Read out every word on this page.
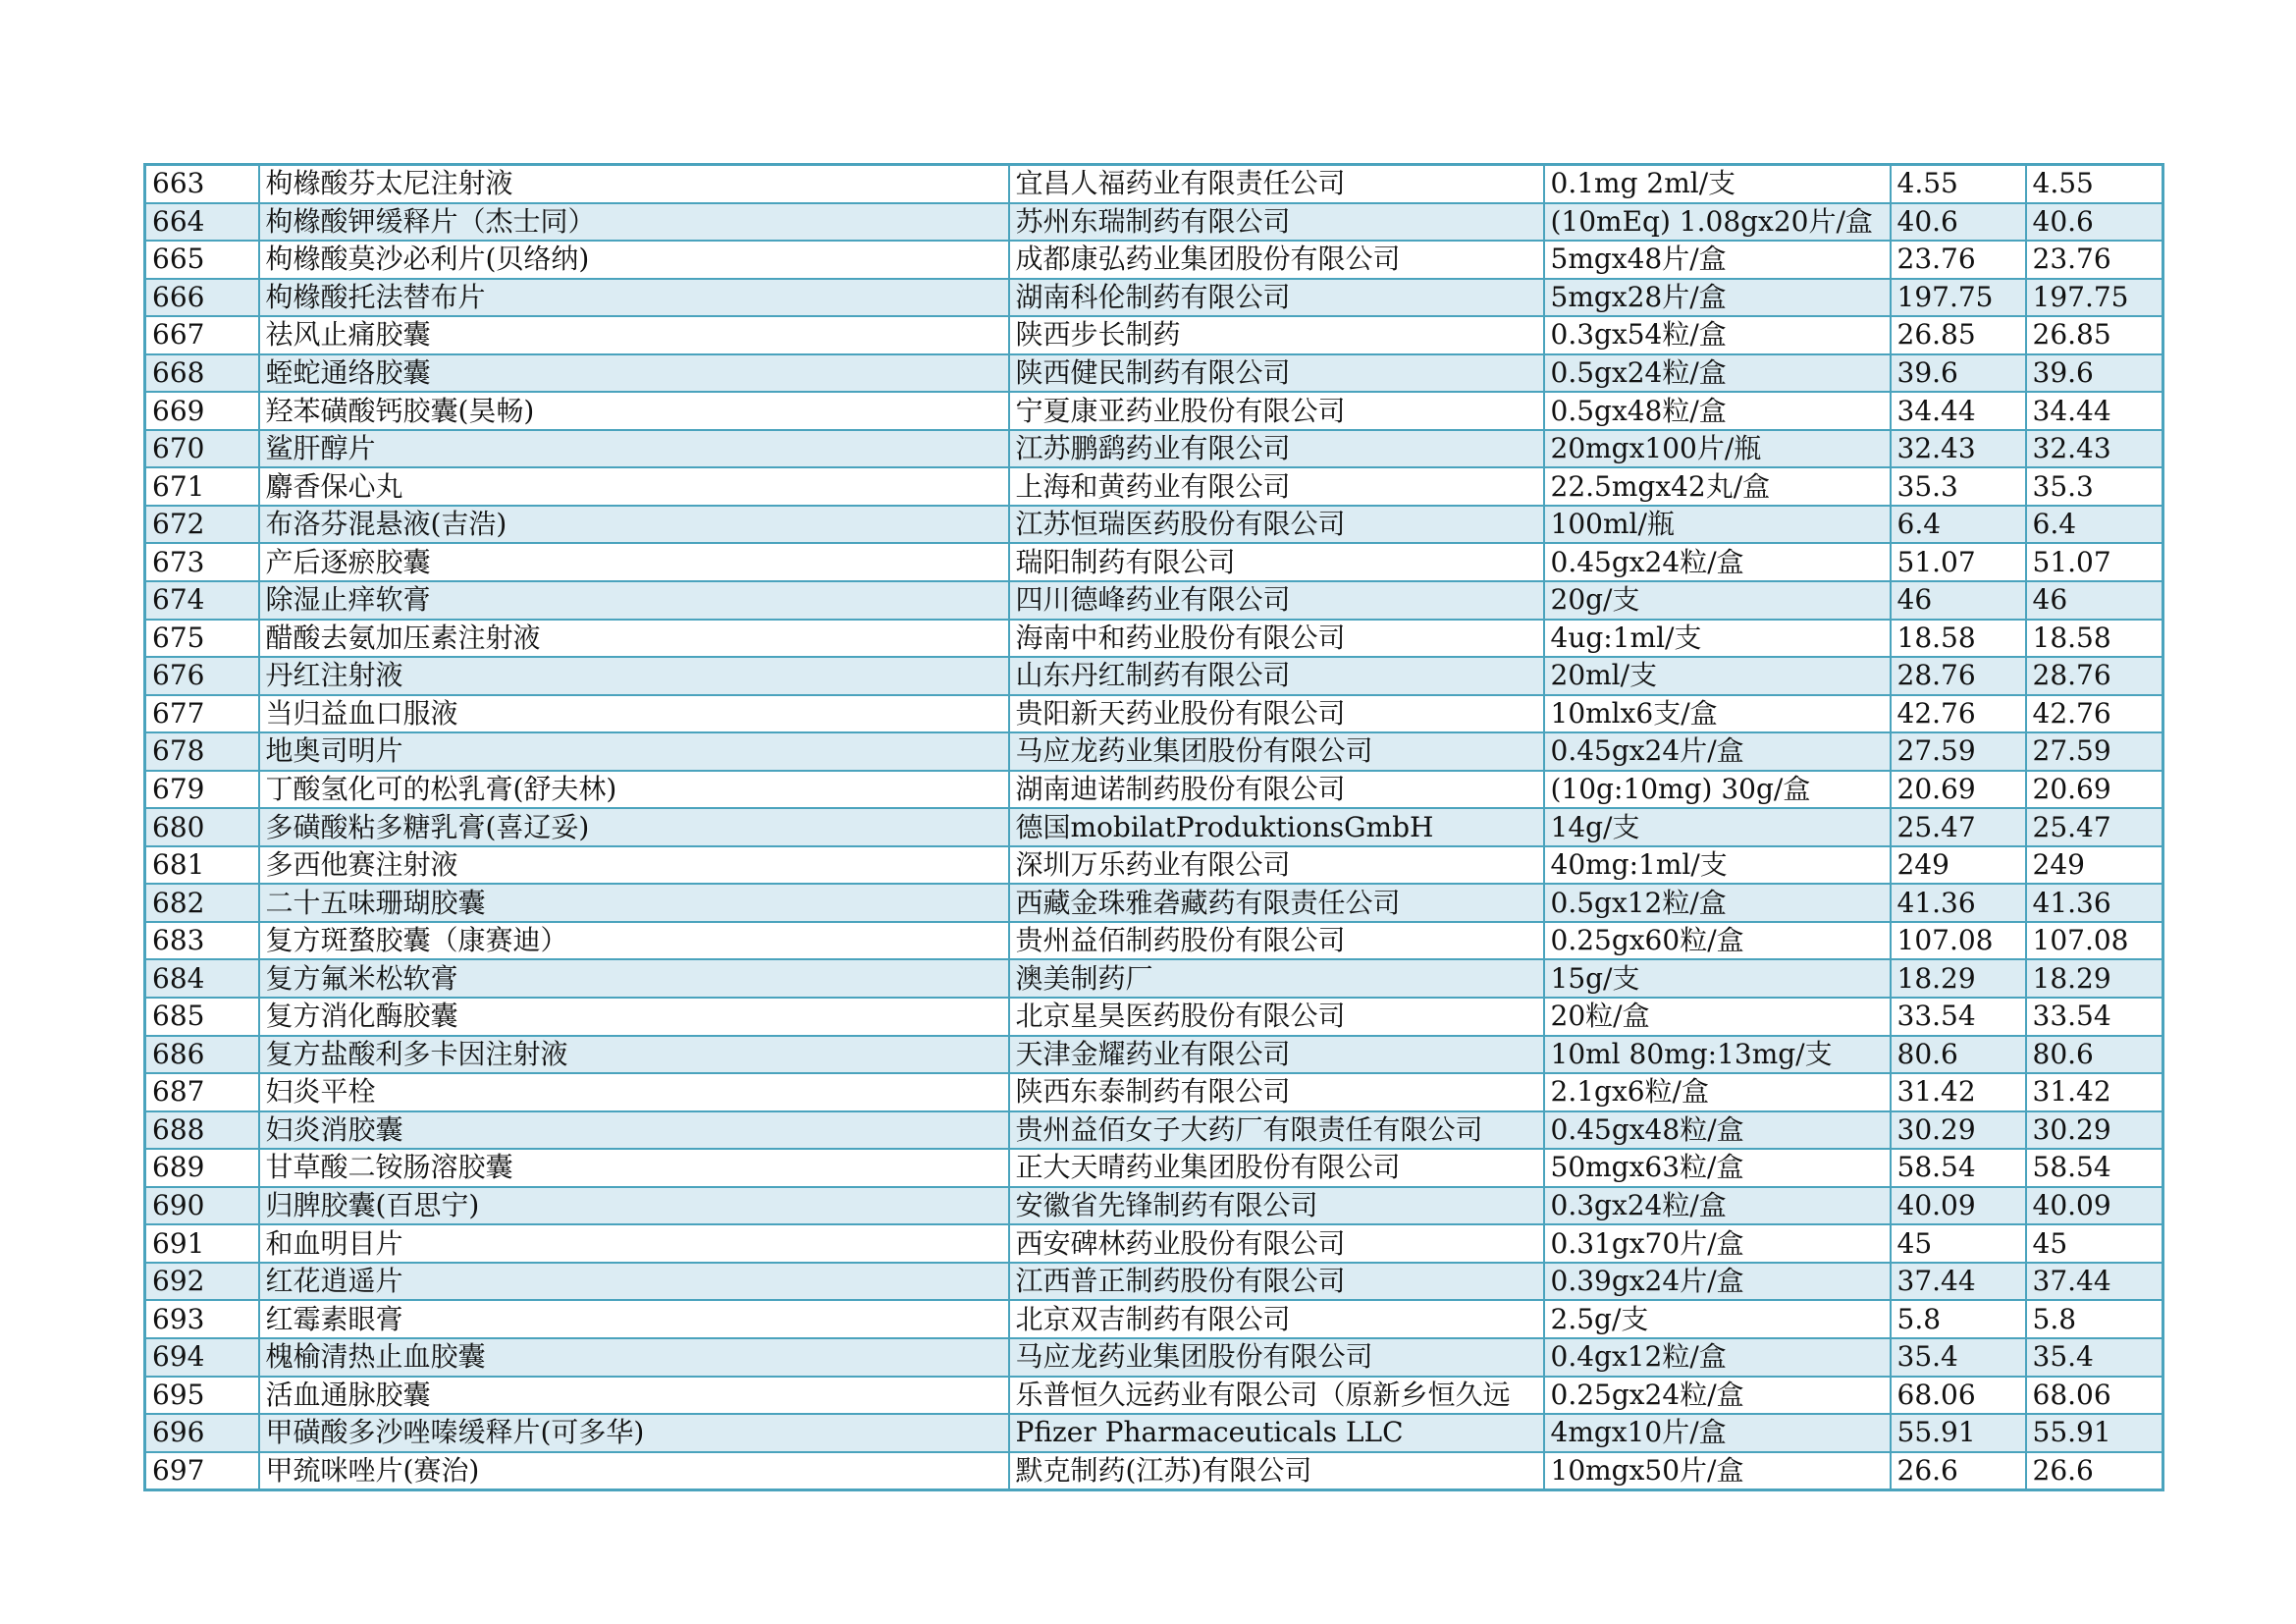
663	枸橼酸芬太尼注射液	宜昌人福药业有限责任公司	0.1mg 2ml/支	4.55	4.55
664	枸橼酸钾缓释片（杰士同）	苏州东瑞制药有限公司	(10mEq) 1.08gx20片/盒	40.6	40.6
665	枸橼酸莫沙必利片(贝络纳)	成都康弘药业集团股份有限公司	5mgx48片/盒	23.76	23.76
666	枸橼酸托法替布片	湖南科伦制药有限公司	5mgx28片/盒	197.75	197.75
667	祛风止痛胶囊	陕西步长制药	0.3gx54粒/盒	26.85	26.85
668	蛭蛇通络胶囊	陕西健民制药有限公司	0.5gx24粒/盒	39.6	39.6
669	羟苯磺酸钙胶囊(昊畅)	宁夏康亚药业股份有限公司	0.5gx48粒/盒	34.44	34.44
670	鲨肝醇片	江苏鹏鹞药业有限公司	20mgx100片/瓶	32.43	32.43
671	麝香保心丸	上海和黄药业有限公司	22.5mgx42丸/盒	35.3	35.3
672	布洛芬混悬液(吉浩)	江苏恒瑞医药股份有限公司	100ml/瓶	6.4	6.4
673	产后逐瘀胶囊	瑞阳制药有限公司	0.45gx24粒/盒	51.07	51.07
674	除湿止痒软膏	四川德峰药业有限公司	20g/支	46	46
675	醋酸去氨加压素注射液	海南中和药业股份有限公司	4ug:1ml/支	18.58	18.58
676	丹红注射液	山东丹红制药有限公司	20ml/支	28.76	28.76
677	当归益血口服液	贵阳新天药业股份有限公司	10mlx6支/盒	42.76	42.76
678	地奥司明片	马应龙药业集团股份有限公司	0.45gx24片/盒	27.59	27.59
679	丁酸氢化可的松乳膏(舒夫林)	湖南迪诺制药股份有限公司	(10g:10mg) 30g/盒	20.69	20.69
680	多磺酸粘多糖乳膏(喜辽妥)	德国mobilatProduktionsGmbH	14g/支	25.47	25.47
681	多西他赛注射液	深圳万乐药业有限公司	40mg:1ml/支	249	249
682	二十五味珊瑚胶囊	西藏金珠雅砻藏药有限责任公司	0.5gx12粒/盒	41.36	41.36
683	复方斑蝥胶囊（康赛迪）	贵州益佰制药股份有限公司	0.25gx60粒/盒	107.08	107.08
684	复方氟米松软膏	澳美制药厂	15g/支	18.29	18.29
685	复方消化酶胶囊	北京星昊医药股份有限公司	20粒/盒	33.54	33.54
686	复方盐酸利多卡因注射液	天津金耀药业有限公司	10ml 80mg:13mg/支	80.6	80.6
687	妇炎平栓	陕西东泰制药有限公司	2.1gx6粒/盒	31.42	31.42
688	妇炎消胶囊	贵州益佰女子大药厂有限责任有限公司	0.45gx48粒/盒	30.29	30.29
689	甘草酸二铵肠溶胶囊	正大天晴药业集团股份有限公司	50mgx63粒/盒	58.54	58.54
690	归脾胶囊(百思宁)	安徽省先锋制药有限公司	0.3gx24粒/盒	40.09	40.09
691	和血明目片	西安碑林药业股份有限公司	0.31gx70片/盒	45	45
692	红花逍遥片	江西普正制药股份有限公司	0.39gx24片/盒	37.44	37.44
693	红霉素眼膏	北京双吉制药有限公司	2.5g/支	5.8	5.8
694	槐榆清热止血胶囊	马应龙药业集团股份有限公司	0.4gx12粒/盒	35.4	35.4
695	活血通脉胶囊	乐普恒久远药业有限公司（原新乡恒久远	0.25gx24粒/盒	68.06	68.06
696	甲磺酸多沙唑嗪缓释片(可多华)	Pfizer Pharmaceuticals LLC	4mgx10片/盒	55.91	55.91
697	甲巯咪唑片(赛治)	默克制药(江苏)有限公司	10mgx50片/盒	26.6	26.6
